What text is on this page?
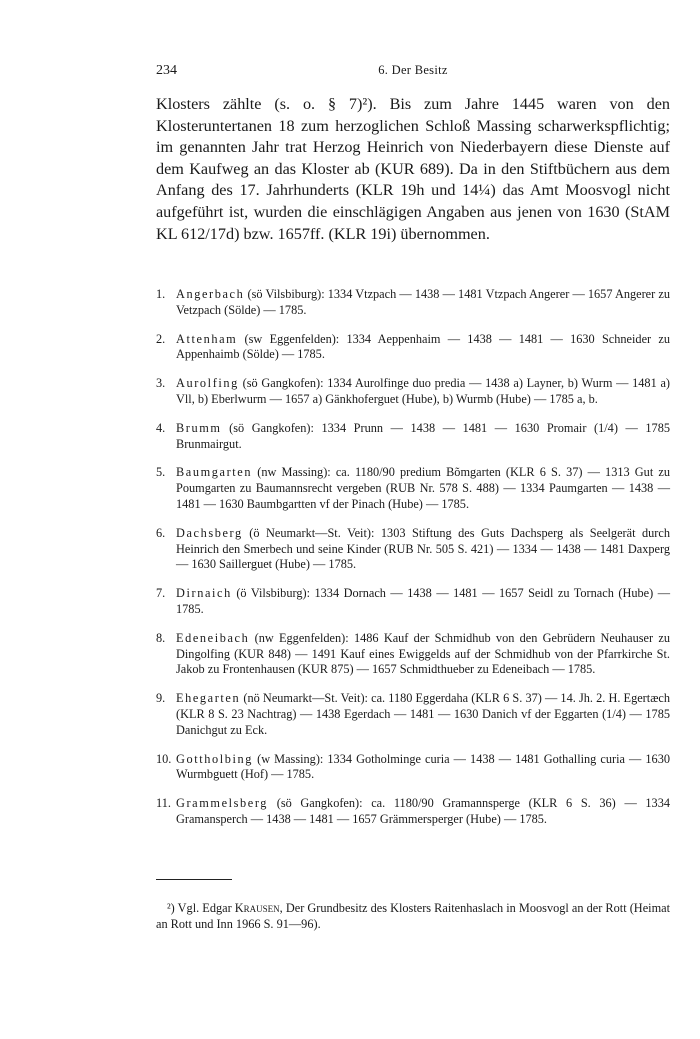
234	6. Der Besitz

Klosters zählte (s. o. § 7)²). Bis zum Jahre 1445 waren von den Klosteruntertanen 18 zum herzoglichen Schloß Massing scharwerkspflichtig; im genannten Jahr trat Herzog Heinrich von Niederbayern diese Dienste auf dem Kaufweg an das Kloster ab (KUR 689). Da in den Stiftbüchern aus dem Anfang des 17. Jahrhunderts (KLR 19h und 14¼) das Amt Moosvogl nicht aufgeführt ist, wurden die einschlägigen Angaben aus jenen von 1630 (StAM KL 612/17d) bzw. 1657ff. (KLR 19i) übernommen.

1. Angerbach (sö Vilsbiburg): 1334 Vtzpach — 1438 — 1481 Vtzpach Angerer — 1657 Angerer zu Vetzpach (Sölde) — 1785.
2. Attenham (sw Eggenfelden): 1334 Aeppenhaim — 1438 — 1481 — 1630 Schneider zu Appenhaimb (Sölde) — 1785.
3. Aurolfing (sö Gangkofen): 1334 Aurolfinge duo predia — 1438 a) Layner, b) Wurm — 1481 a) Vll, b) Eberlwurm — 1657 a) Gänkhoferguet (Hube), b) Wurmb (Hube) — 1785 a, b.
4. Brumm (sö Gangkofen): 1334 Prunn — 1438 — 1481 — 1630 Promair (1/4) — 1785 Brunmairgut.
5. Baumgarten (nw Massing): ca. 1180/90 predium Bõmgarten (KLR 6 S. 37) — 1313 Gut zu Poumgarten zu Baumannsrecht vergeben (RUB Nr. 578 S. 488) — 1334 Paumgarten — 1438 — 1481 — 1630 Baumbgartten vf der Pinach (Hube) — 1785.
6. Dachsberg (ö Neumarkt—St. Veit): 1303 Stiftung des Guts Dachsperg als Seelgerät durch Heinrich den Smerbech und seine Kinder (RUB Nr. 505 S. 421) — 1334 — 1438 — 1481 Daxperg — 1630 Saillerguet (Hube) — 1785.
7. Dirnaich (ö Vilsbiburg): 1334 Dornach — 1438 — 1481 — 1657 Seidl zu Tornach (Hube) — 1785.
8. Edeneibach (nw Eggenfelden): 1486 Kauf der Schmidhub von den Gebrüdern Neuhauser zu Dingolfing (KUR 848) — 1491 Kauf eines Ewiggelds auf der Schmidhub von der Pfarrkirche St. Jakob zu Frontenhausen (KUR 875) — 1657 Schmidthueber zu Edeneibach — 1785.
9. Ehegarten (nö Neumarkt—St. Veit): ca. 1180 Eggerdaha (KLR 6 S. 37) — 14. Jh. 2. H. Egertæch (KLR 8 S. 23 Nachtrag) — 1438 Egerdach — 1481 — 1630 Danich vf der Eggarten (1/4) — 1785 Danichgut zu Eck.
10. Gottholbing (w Massing): 1334 Gotholminge curia — 1438 — 1481 Gothalling curia — 1630 Wurmbguett (Hof) — 1785.
11. Grammelsberg (sö Gangkofen): ca. 1180/90 Gramannsperge (KLR 6 S. 36) — 1334 Gramansperch — 1438 — 1481 — 1657 Grämmersperger (Hube) — 1785.

²) Vgl. Edgar Krausen, Der Grundbesitz des Klosters Raitenhaslach in Moosvogl an der Rott (Heimat an Rott und Inn 1966 S. 91—96).
